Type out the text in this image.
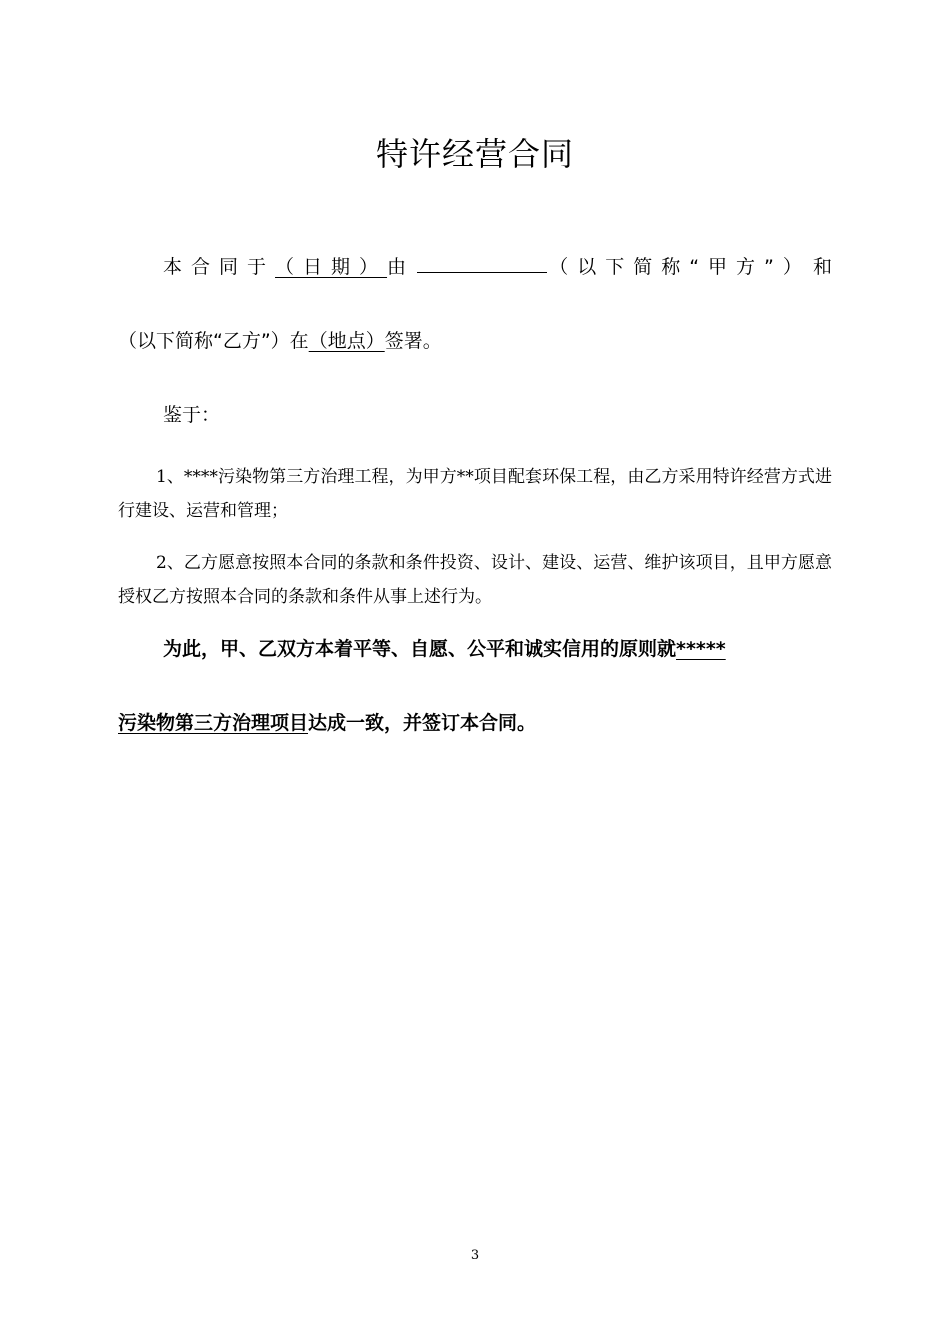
特许经营合同
本合同于（日期）由	（以下简称“甲方”） 和
（以下简称“乙方”）在（地点）签署。
鉴于：
1、****污染物第三方治理工程，为甲方**项目配套环保工程，由乙方采用特许经营方式进行建设、运营和管理；
2、乙方愿意按照本合同的条款和条件投资、设计、建设、运营、维护该项目，且甲方愿意授权乙方按照本合同的条款和条件从事上述行为。
为此，甲、乙双方本着平等、自愿、公平和诚实信用的原则就*****
污染物第三方治理项目达成一致，并签订本合同。
3
